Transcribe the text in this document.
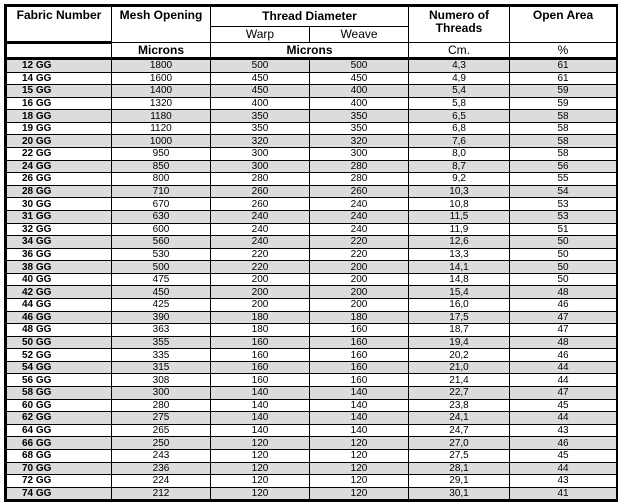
Fabric Number	Mesh Opening	Thread Diameter		Numero of Threads	Open Area
		Warp	Weave		
	Microns	Microns		Cm.	%
12 GG	1800	500	500	4,3	61
14 GG	1600	450	450	4,9	61
15 GG	1400	450	400	5,4	59
16 GG	1320	400	400	5,8	59
18 GG	1180	350	350	6,5	58
19 GG	1120	350	350	6,8	58
20 GG	1000	320	320	7,6	58
22 GG	950	300	300	8,0	58
24 GG	850	300	280	8,7	56
26 GG	800	280	280	9,2	55
28 GG	710	260	260	10,3	54
30 GG	670	260	240	10,8	53
31 GG	630	240	240	11,5	53
32 GG	600	240	240	11,9	51
34 GG	560	240	220	12,6	50
36 GG	530	220	220	13,3	50
38 GG	500	220	200	14,1	50
40 GG	475	200	200	14,8	50
42 GG	450	200	200	15,4	48
44 GG	425	200	200	16,0	46
46 GG	390	180	180	17,5	47
48 GG	363	180	160	18,7	47
50 GG	355	160	160	19,4	48
52 GG	335	160	160	20,2	46
54 GG	315	160	160	21,0	44
56 GG	308	160	160	21,4	44
58 GG	300	140	140	22,7	47
60 GG	280	140	140	23,8	45
62 GG	275	140	140	24,1	44
64 GG	265	140	140	24,7	43
66 GG	250	120	120	27,0	46
68 GG	243	120	120	27,5	45
70 GG	236	120	120	28,1	44
72 GG	224	120	120	29,1	43
74 GG	212	120	120	30,1	41
